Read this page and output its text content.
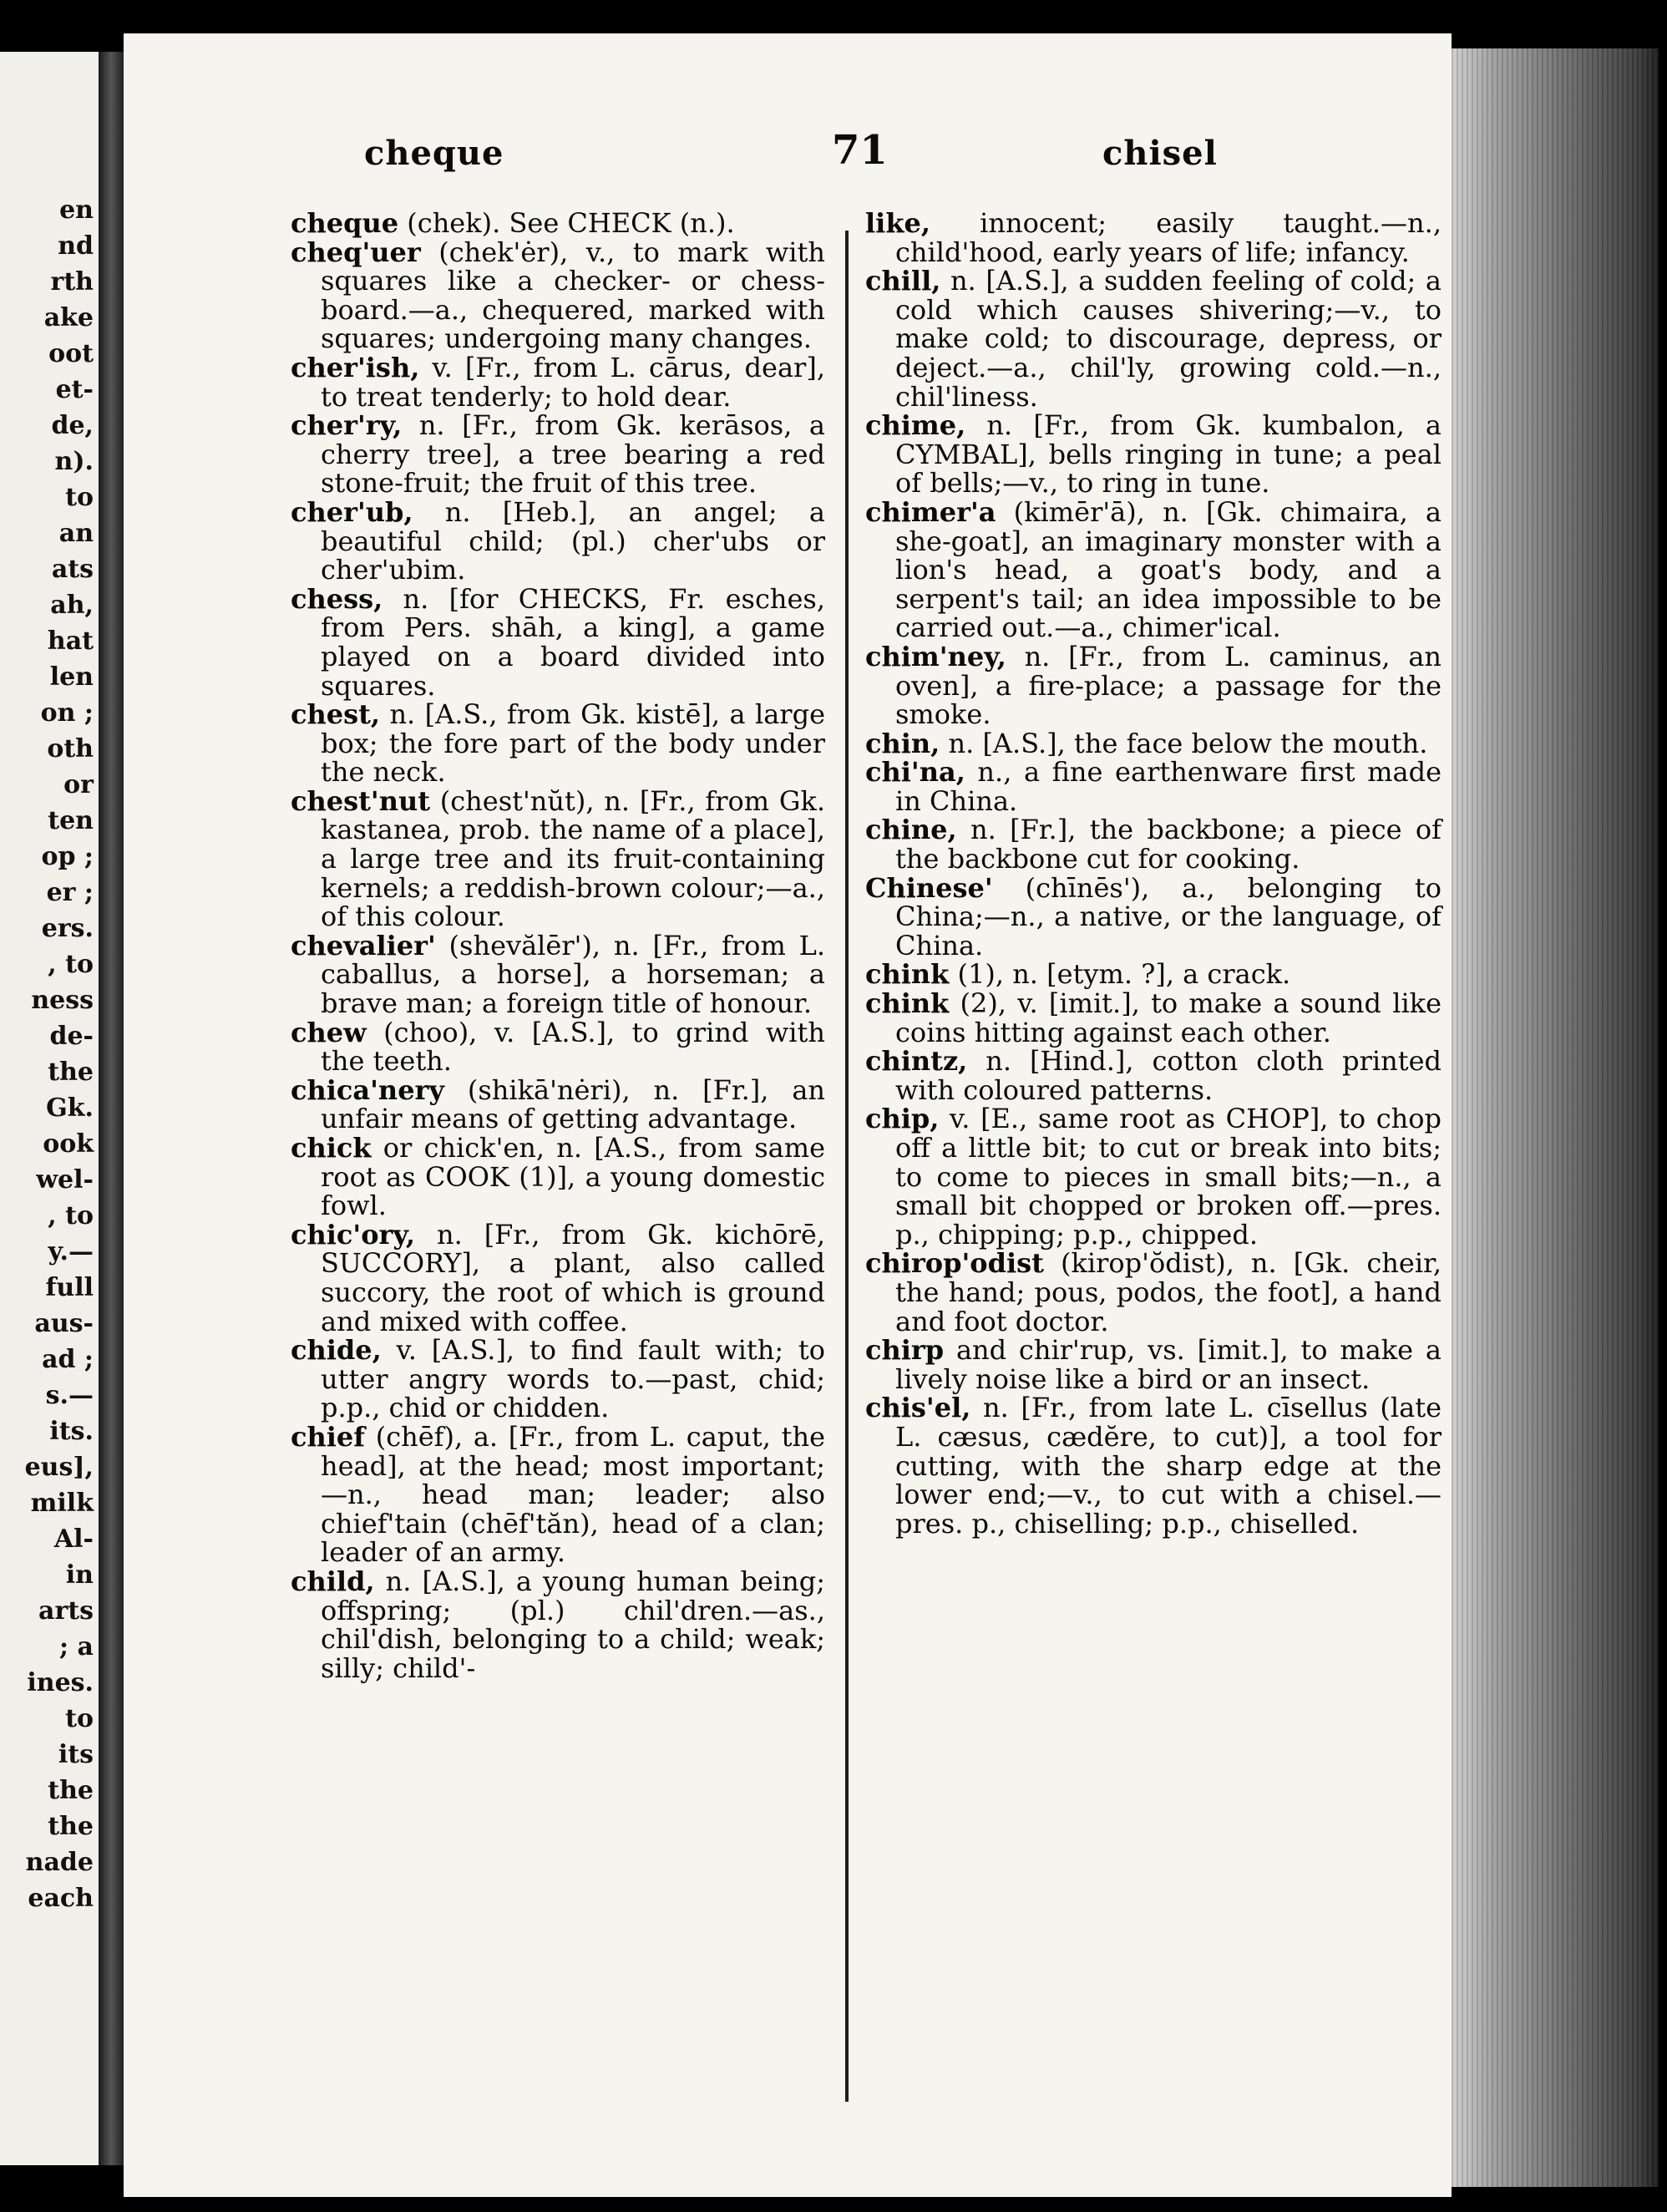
en
nd
rth
ake
oot
et-
de,
n).
to
an
ats
ah,
hat
len
on ;
oth
or
ten
op ;
er ;
ers.
, to
ness
de-
the
Gk.
ook
wel-
, to
y.—
full
aus-
ad ;
s.—
its.
eus],
milk
Al-
in
arts
; a
ines.
to
its
the
the
nade
each
cheque	71	chisel

cheque (chek). See CHECK (n.).

cheq'uer (chek'ėr), v., to mark with squares like a checker- or chess-board.—a., chequered, marked with squares; undergoing many changes.

cher'ish, v. [Fr., from L. cārus, dear], to treat tenderly; to hold dear.

cher'ry, n. [Fr., from Gk. kerāsos, a cherry tree], a tree bearing a red stone-fruit; the fruit of this tree.

cher'ub, n. [Heb.], an angel; a beautiful child; (pl.) cher'ubs or cher'ubim.

chess, n. [for CHECKS, Fr. esches, from Pers. shāh, a king], a game played on a board divided into squares.

chest, n. [A.S., from Gk. kistē], a large box; the fore part of the body under the neck.

chest'nut (chest'nŭt), n. [Fr., from Gk. kastanea, prob. the name of a place], a large tree and its fruit-containing kernels; a reddish-brown colour;—a., of this colour.

chevalier' (shevălēr'), n. [Fr., from L. caballus, a horse], a horseman; a brave man; a foreign title of honour.

chew (choo), v. [A.S.], to grind with the teeth.

chica'nery (shikā'nėri), n. [Fr.], an unfair means of getting advantage.

chick or chick'en, n. [A.S., from same root as COOK (1)], a young domestic fowl.

chic'ory, n. [Fr., from Gk. kichōrē, SUCCORY], a plant, also called succory, the root of which is ground and mixed with coffee.

chide, v. [A.S.], to find fault with; to utter angry words to.—past, chid; p.p., chid or chidden.

chief (chēf), a. [Fr., from L. caput, the head], at the head; most important;—n., head man; leader; also chief'tain (chēf'tăn), head of a clan; leader of an army.

child, n. [A.S.], a young human being; offspring; (pl.) chil'dren.—as., chil'dish, belonging to a child; weak; silly; child'-

like, innocent; easily taught.—n., child'hood, early years of life; infancy.

chill, n. [A.S.], a sudden feeling of cold; a cold which causes shivering;—v., to make cold; to discourage, depress, or deject.—a., chil'ly, growing cold.—n., chil'liness.

chime, n. [Fr., from Gk. kumbalon, a CYMBAL], bells ringing in tune; a peal of bells;—v., to ring in tune.

chimer'a (kimēr'ā), n. [Gk. chimaira, a she-goat], an imaginary monster with a lion's head, a goat's body, and a serpent's tail; an idea impossible to be carried out.—a., chimer'ical.

chim'ney, n. [Fr., from L. caminus, an oven], a fire-place; a passage for the smoke.

chin, n. [A.S.], the face below the mouth.

chi'na, n., a fine earthenware first made in China.

chine, n. [Fr.], the backbone; a piece of the backbone cut for cooking.

Chinese' (chīnēs'), a., belonging to China;—n., a native, or the language, of China.

chink (1), n. [etym. ?], a crack.

chink (2), v. [imit.], to make a sound like coins hitting against each other.

chintz, n. [Hind.], cotton cloth printed with coloured patterns.

chip, v. [E., same root as CHOP], to chop off a little bit; to cut or break into bits; to come to pieces in small bits;—n., a small bit chopped or broken off.—pres. p., chipping; p.p., chipped.

chirop'odist (kirop'ŏdist), n. [Gk. cheir, the hand; pous, podos, the foot], a hand and foot doctor.

chirp and chir'rup, vs. [imit.], to make a lively noise like a bird or an insect.

chis'el, n. [Fr., from late L. cīsellus (late L. cæsus, cædĕre, to cut)], a tool for cutting, with the sharp edge at the lower end;—v., to cut with a chisel.—pres. p., chiselling; p.p., chiselled.
